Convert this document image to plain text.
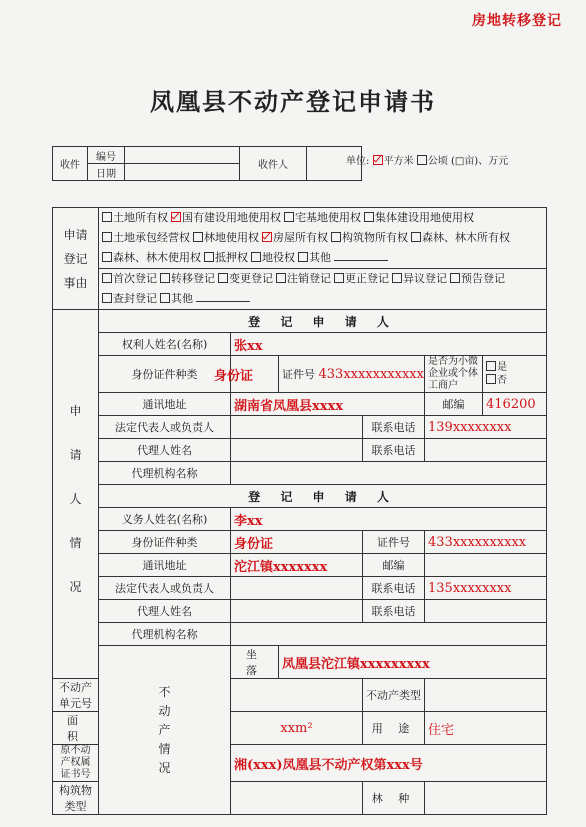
房地转移登记
凤凰县不动产登记申请书
收件	编号		收件人	
	日期			
单位: 平方米 公顷 (□亩)、万元
申请
登记
事由	土地所有权 国有建设用地使用权 宅基地使用权 集体建设用地使用权土地承包经营权 林地使用权 房屋所有权 构筑物所有权 森林、林木所有权森林、林木使用权 抵押权 地役权 其他					
	首次登记 转移登记 变更登记 注销登记 更正登记 异议登记 预告登记查封登记 其他					

申
请
人
情
况	登 记 申 请 人					
	权利人姓名(名称)	张xx				
	身份证件种类	身份证	证件号 433xxxxxxxxxxx		是否为小微企业或个体工商户	是
否

	通讯地址	湖南省凤凰县xxxx			邮编	416200
	法定代表人或负责人			联系电话	139xxxxxxxx	
	代理人姓名			联系电话		
	代理机构名称					
	登 记 申 请 人					
	义务人姓名(名称)	李xx				
	身份证件种类	身份证		证件号	433xxxxxxxxxx	
	通讯地址	沱江镇xxxxxxx		邮编		
	法定代表人或负责人			联系电话	135xxxxxxxx	
	代理人姓名			联系电话		
	代理机构名称					

	不
动
产
情
况	坐 落	凤凰县沱江镇xxxxxxxxx			
不动产单元号				不动产类型		
面 积		xxm²		用 途	住宅	
原不动产权属证书号		湘(xxx)凤凰县不动产权第xxx号				
构筑物类型				林 种		
